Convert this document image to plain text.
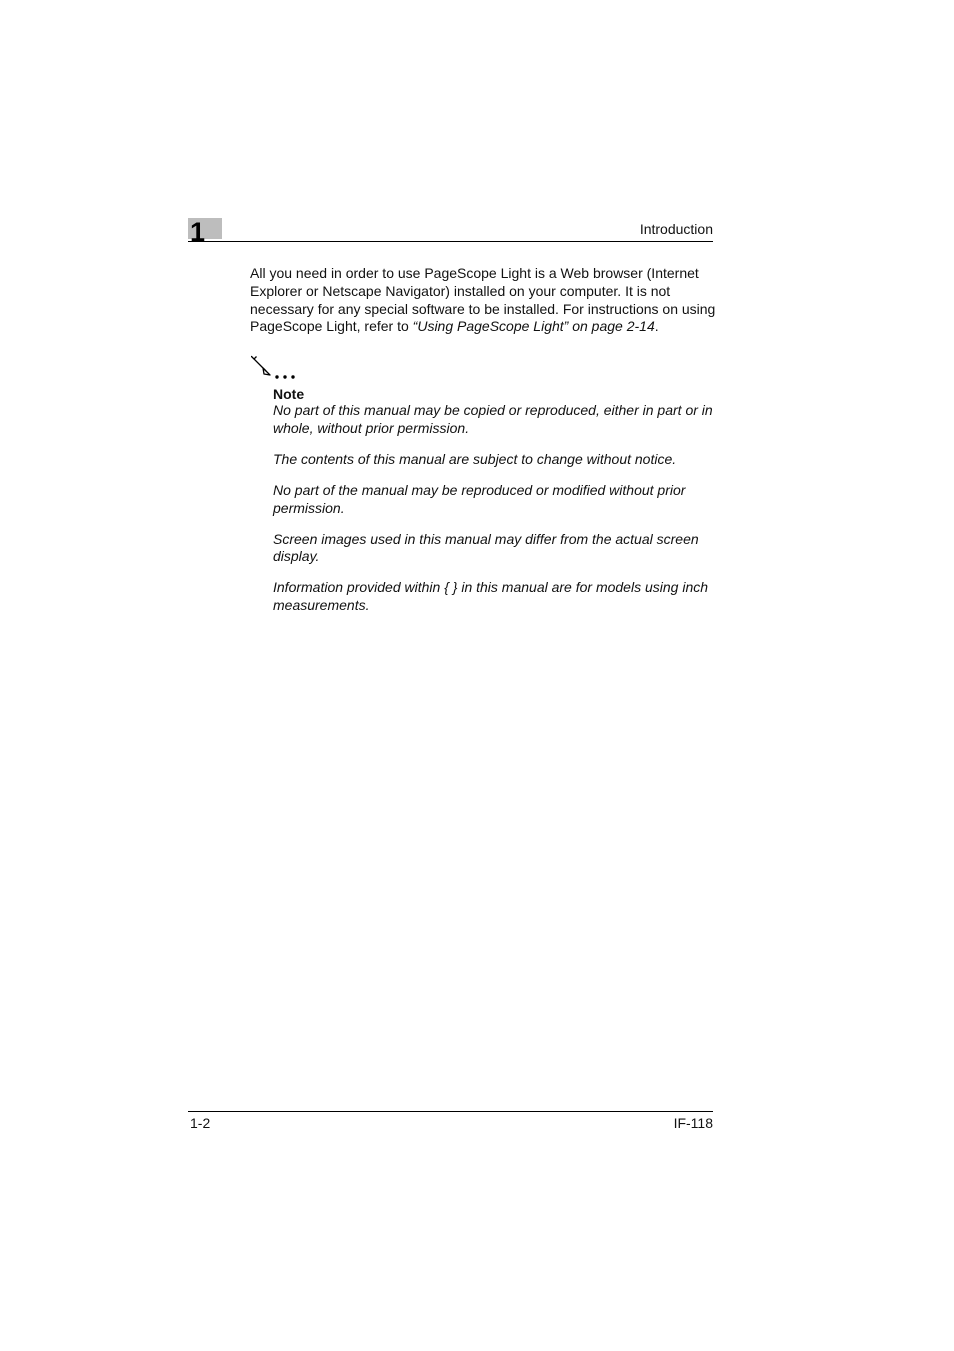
1	Introduction

All you need in order to use PageScope Light is a Web browser (Internet Explorer or Netscape Navigator) installed on your computer. It is not necessary for any special software to be installed. For instructions on using PageScope Light, refer to “Using PageScope Light” on page 2-14.

Note
No part of this manual may be copied or reproduced, either in part or in whole, without prior permission.
The contents of this manual are subject to change without notice.
No part of the manual may be reproduced or modified without prior permission.
Screen images used in this manual may differ from the actual screen display.
Information provided within { } in this manual are for models using inch measurements.
1-2	IF-118
